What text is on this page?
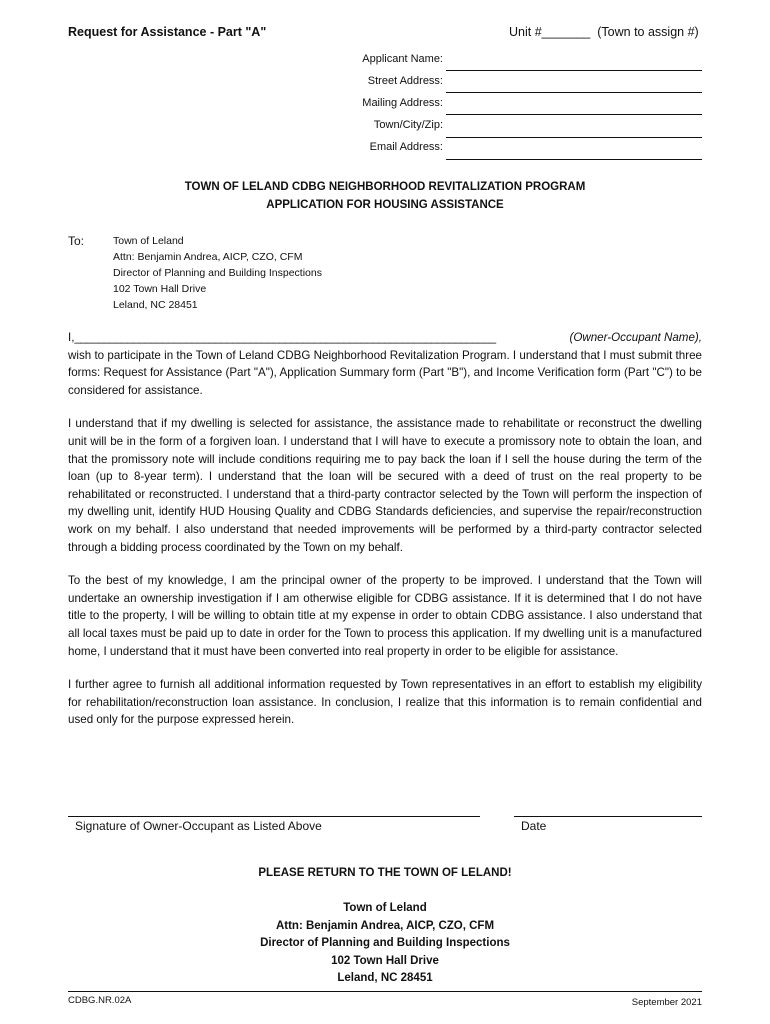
Request for Assistance - Part "A"	Unit #_______  (Town to assign #)
Applicant Name:
Street Address:
Mailing Address:
Town/City/Zip:
Email Address:
TOWN OF LELAND CDBG NEIGHBORHOOD REVITALIZATION PROGRAM
APPLICATION FOR HOUSING ASSISTANCE
To:	Town of Leland
Attn: Benjamin Andrea, AICP, CZO, CFM
Director of Planning and Building Inspections
102 Town Hall Drive
Leland, NC 28451

I,________________________________________________________________________	(Owner-Occupant Name),
wish to participate in the Town of Leland CDBG Neighborhood Revitalization Program. I understand that I must submit three forms: Request for Assistance (Part "A"), Application Summary form (Part "B"), and Income Verification form (Part "C") to be considered for assistance.

I understand that if my dwelling is selected for assistance, the assistance made to rehabilitate or reconstruct the dwelling unit will be in the form of a forgiven loan. I understand that I will have to execute a promissory note to obtain the loan, and that the promissory note will include conditions requiring me to pay back the loan if I sell the house during the term of the loan (up to 8-year term). I understand that the loan will be secured with a deed of trust on the real property to be rehabilitated or reconstructed. I understand that a third-party contractor selected by the Town will perform the inspection of my dwelling unit, identify HUD Housing Quality and CDBG Standards deficiencies, and supervise the repair/reconstruction work on my behalf. I also understand that needed improvements will be performed by a third-party contractor selected through a bidding process coordinated by the Town on my behalf.

To the best of my knowledge, I am the principal owner of the property to be improved. I understand that the Town will undertake an ownership investigation if I am otherwise eligible for CDBG assistance. If it is determined that I do not have title to the property, I will be willing to obtain title at my expense in order to obtain CDBG assistance. I also understand that all local taxes must be paid up to date in order for the Town to process this application. If my dwelling unit is a manufactured home, I understand that it must have been converted into real property in order to be eligible for assistance.

I further agree to furnish all additional information requested by Town representatives in an effort to establish my eligibility for rehabilitation/reconstruction loan assistance. In conclusion, I realize that this information is to remain confidential and used only for the purpose expressed herein.

Signature of Owner-Occupant as Listed Above	Date
PLEASE RETURN TO THE TOWN OF LELAND!
Town of Leland
Attn: Benjamin Andrea, AICP, CZO, CFM
Director of Planning and Building Inspections
102 Town Hall Drive
Leland, NC 28451
CDBG.NR.02A	September 2021
